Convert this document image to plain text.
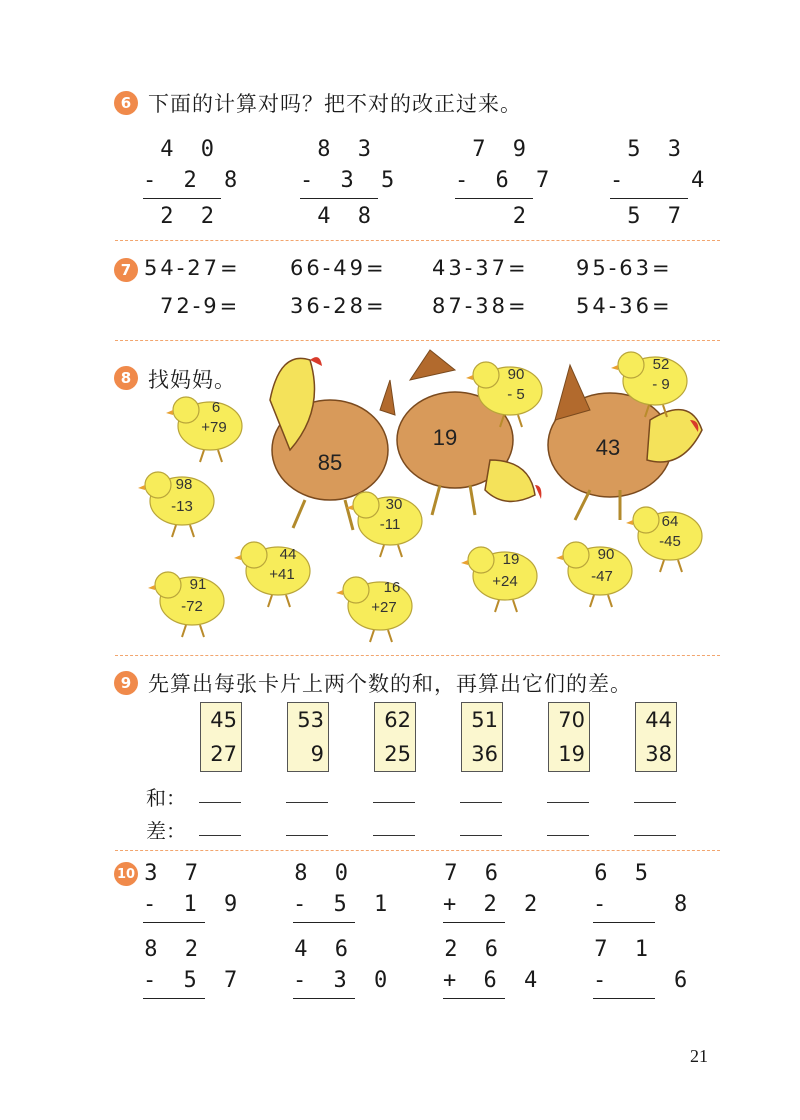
6 下面的计算对吗？把不对的改正过来。
4 0
- 2 8
2 2
8 3
- 3 5
4 8
7 9
- 6 7
2
5 3
-   4
5 7
7 54-27= 66-49= 43-37= 95-63=
72-9= 36-28= 87-38= 54-36=
8 找妈妈。
85
19	43
6
+79
90
- 5
52
- 9
98
-13	30
-11	64
-45
44
+41
19
+24
90
-47
91
-72
16
+27
9 先算出每张卡片上两个数的和，再算出它们的差。
45
27
53
9
62
25
51
36
70
19
44
38
和：
差：
10 3 7
- 1 9
8 0
- 5 1
7 6
+ 2 2
6 5
-   8
8 2
- 5 7
4 6
- 3 0
2 6
+ 6 4
7 1
-   6
21
